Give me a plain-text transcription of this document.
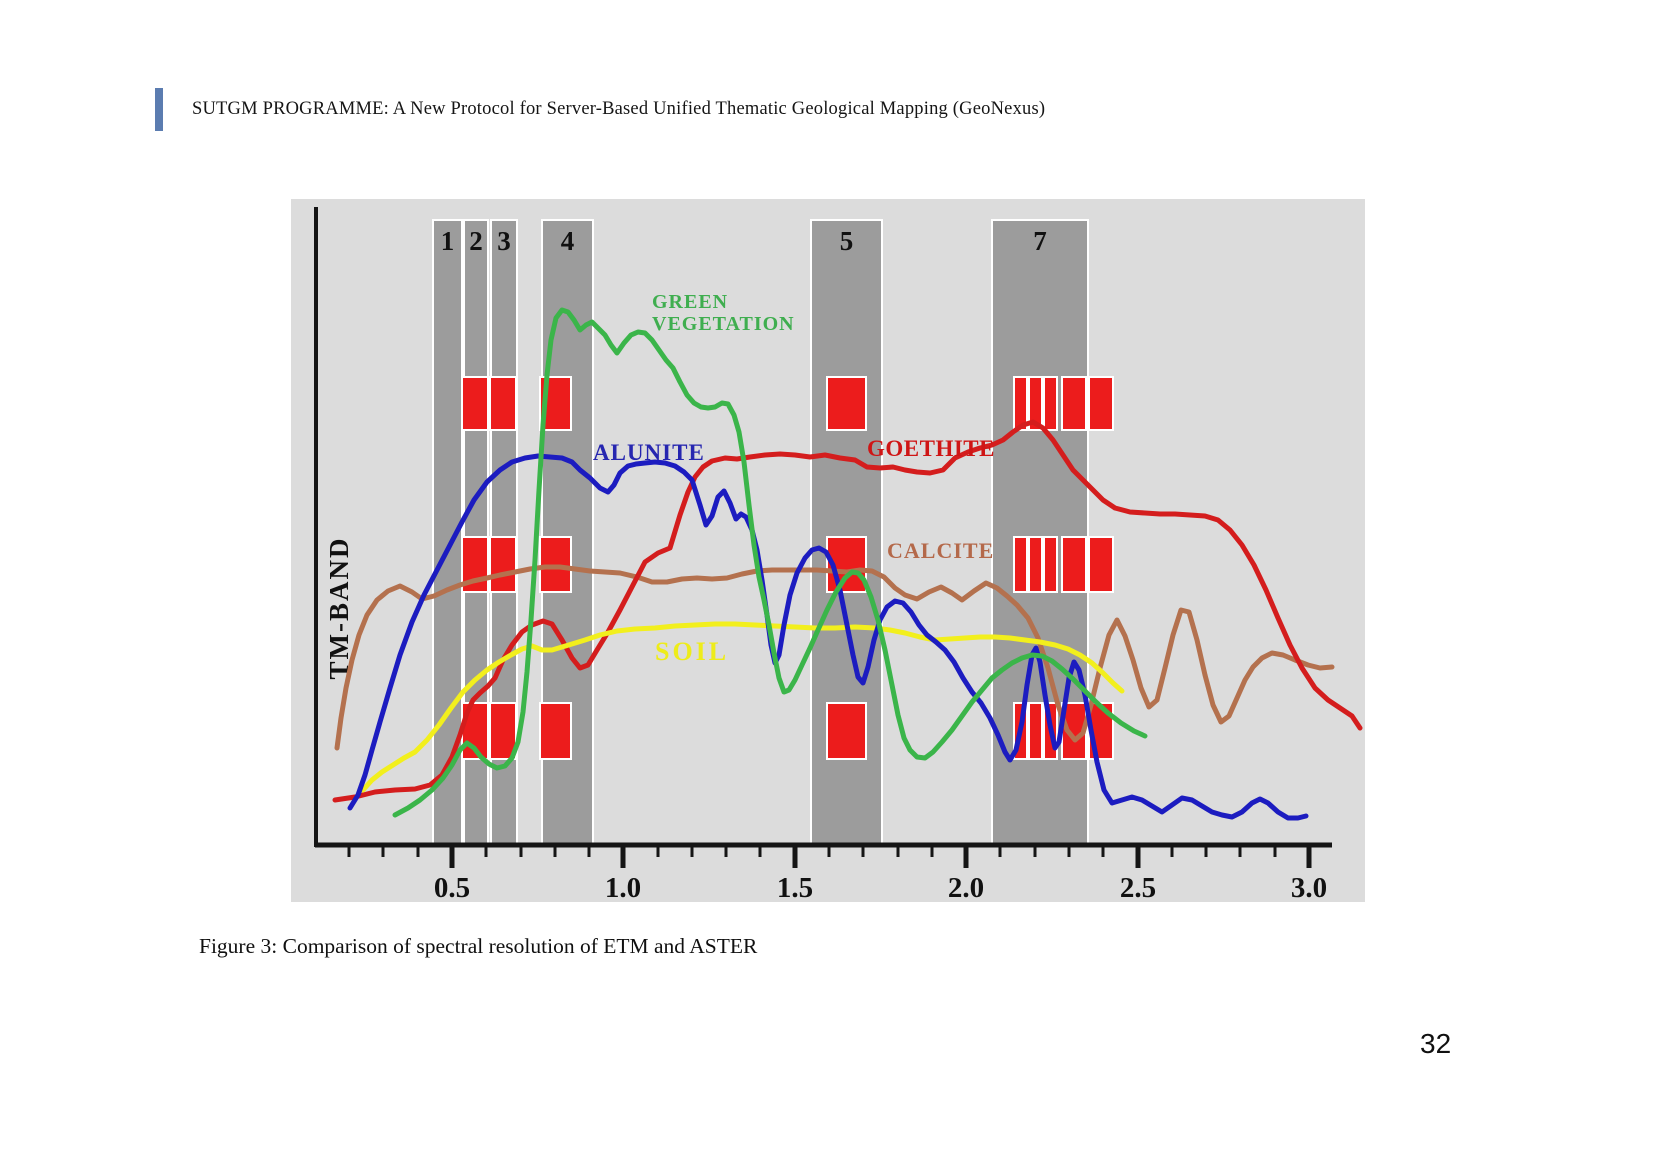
SUTGM PROGRAMME: A New Protocol for Server-Based Unified Thematic Geological Mapping (GeoNexus)
1 2 3 4	5	7
0.5	1.0	1.5	2.0	2.5	3.0
TM-BAND	CALCITE
GOETHITE
SOIL
ALUNITE
GREEN
VEGETATION
Figure 3: Comparison of spectral resolution of ETM and ASTER
32
